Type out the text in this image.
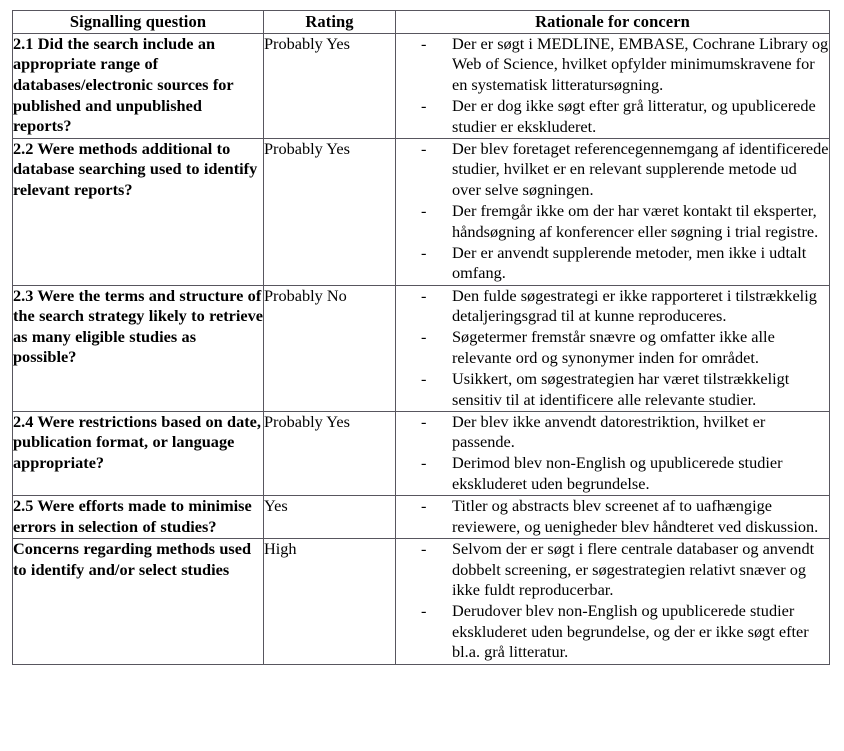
Signalling question	Rating	Rationale for concern
2.1 Did the search include an appropriate range of databases/electronic sources for published and unpublished reports?	Probably Yes	- Der er søgt i MEDLINE, EMBASE, Cochrane Library og Web of Science, hvilket opfylder minimumskravene for en systematisk litteratursøgning.
- Der er dog ikke søgt efter grå litteratur, og upublicerede studier er ekskluderet.

2.2 Were methods additional to database searching used to identify relevant reports?	Probably Yes	- Der blev foretaget referencegennemgang af identificerede studier, hvilket er en relevant supplerende metode ud over selve søgningen.
- Der fremgår ikke om der har været kontakt til eksperter, håndsøgning af konferencer eller søgning i trial registre.
- Der er anvendt supplerende metoder, men ikke i udtalt omfang.

2.3 Were the terms and structure of the search strategy likely to retrieve as many eligible studies as possible?	Probably No	- Den fulde søgestrategi er ikke rapporteret i tilstrækkelig detaljeringsgrad til at kunne reproduceres.
- Søgetermer fremstår snævre og omfatter ikke alle relevante ord og synonymer inden for området.
- Usikkert, om søgestrategien har været tilstrækkeligt sensitiv til at identificere alle relevante studier.

2.4 Were restrictions based on date, publication format, or language appropriate?	Probably Yes	- Der blev ikke anvendt datorestriktion, hvilket er passende.
- Derimod blev non-English og upublicerede studier ekskluderet uden begrundelse.

2.5 Were efforts made to minimise errors in selection of studies?	Yes	- Titler og abstracts blev screenet af to uafhængige reviewere, og uenigheder blev håndteret ved diskussion.

Concerns regarding methods used to identify and/or select studies	High	- Selvom der er søgt i flere centrale databaser og anvendt dobbelt screening, er søgestrategien relativt snæver og ikke fuldt reproducerbar.
- Derudover blev non-English og upublicerede studier ekskluderet uden begrundelse, og der er ikke søgt efter bl.a. grå litteratur.
